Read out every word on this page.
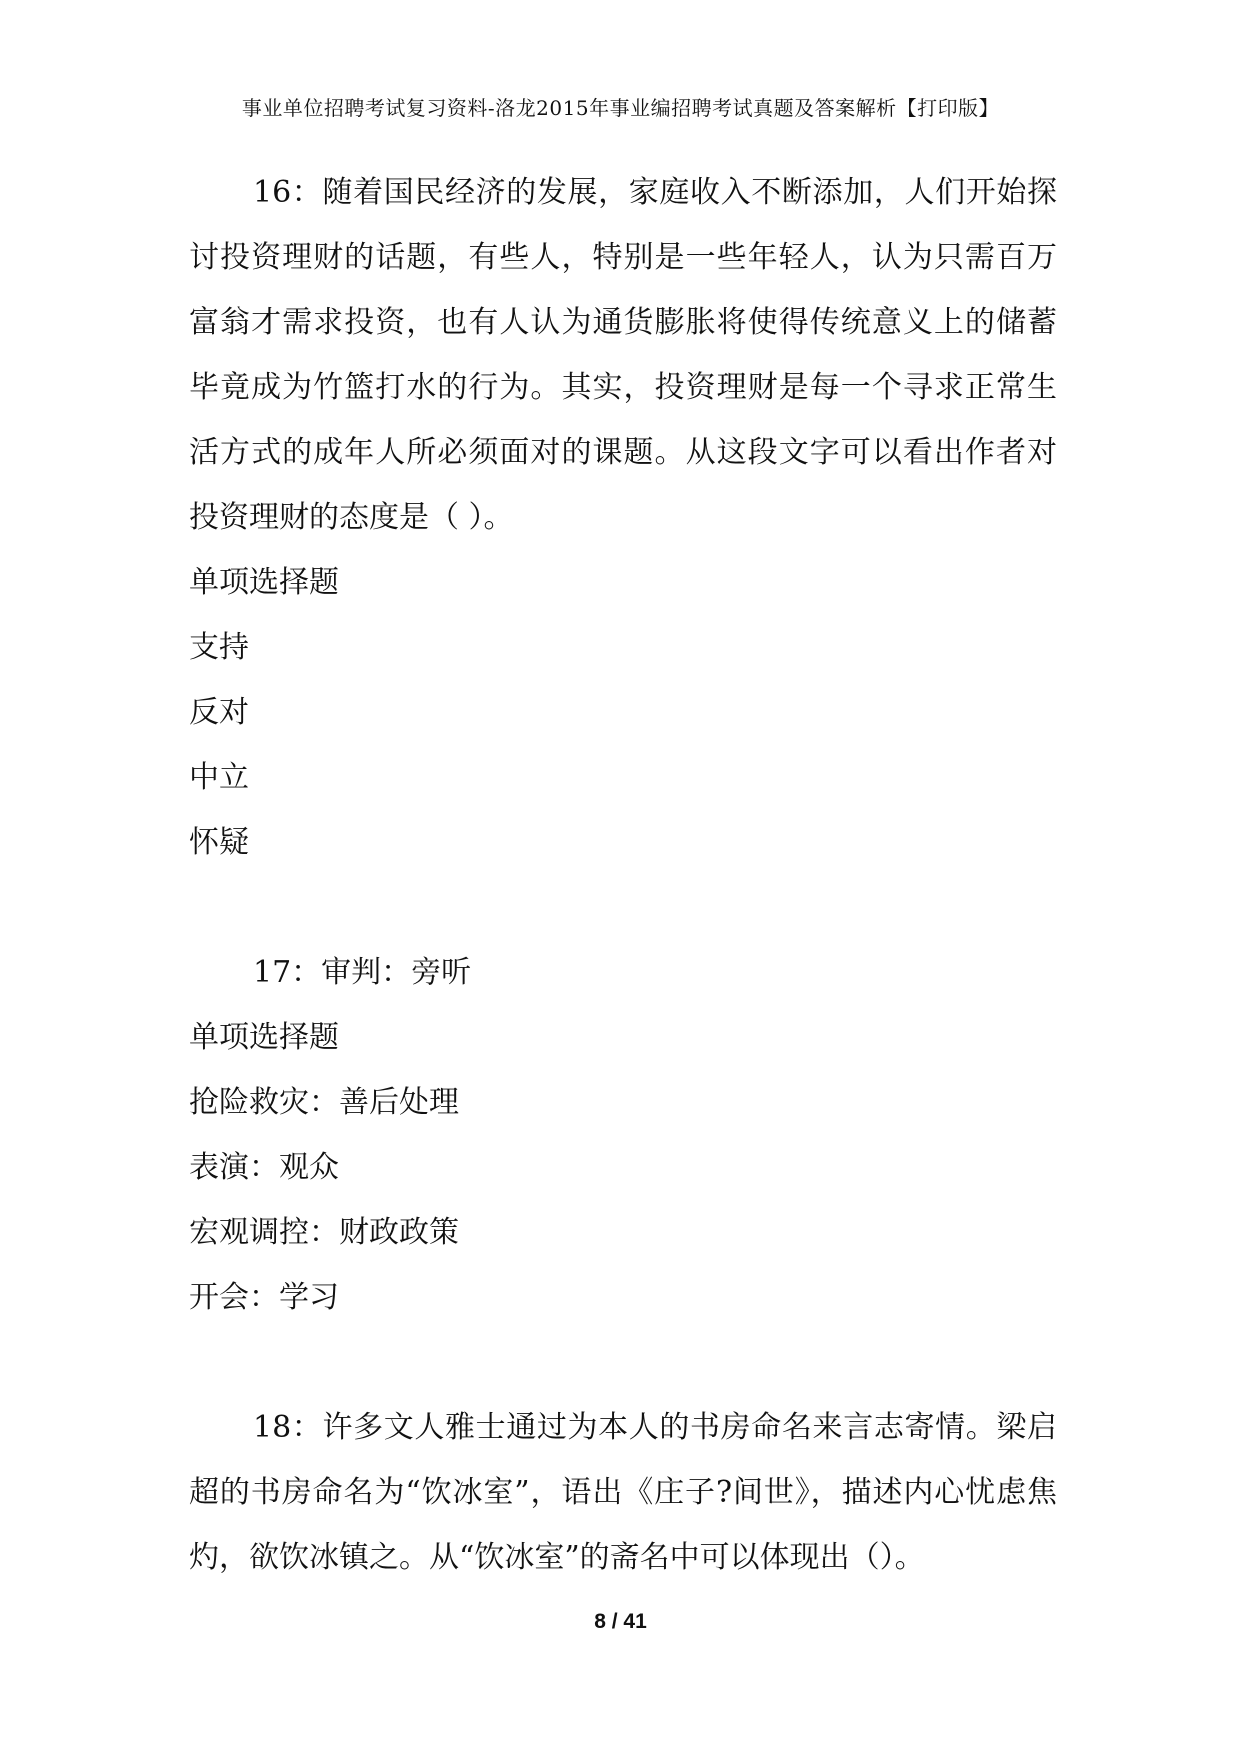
事业单位招聘考试复习资料-洛龙2015年事业编招聘考试真题及答案解析【打印版】

16：随着国民经济的发展，家庭收入不断添加，人们开始探讨投资理财的话题，有些人，特别是一些年轻人，认为只需百万富翁才需求投资，也有人认为通货膨胀将使得传统意义上的储蓄毕竟成为竹篮打水的行为。其实，投资理财是每一个寻求正常生活方式的成年人所必须面对的课题。从这段文字可以看出作者对投资理财的态度是（ ）。

单项选择题

支持

反对

中立

怀疑

17：审判：旁听

单项选择题

抢险救灾：善后处理

表演：观众

宏观调控：财政政策

开会：学习

18：许多文人雅士通过为本人的书房命名来言志寄情。梁启超的书房命名为“饮冰室”，语出《庄子?间世》，描述内心忧虑焦灼，欲饮冰镇之。从“饮冰室”的斋名中可以体现出（）。

8 / 41
